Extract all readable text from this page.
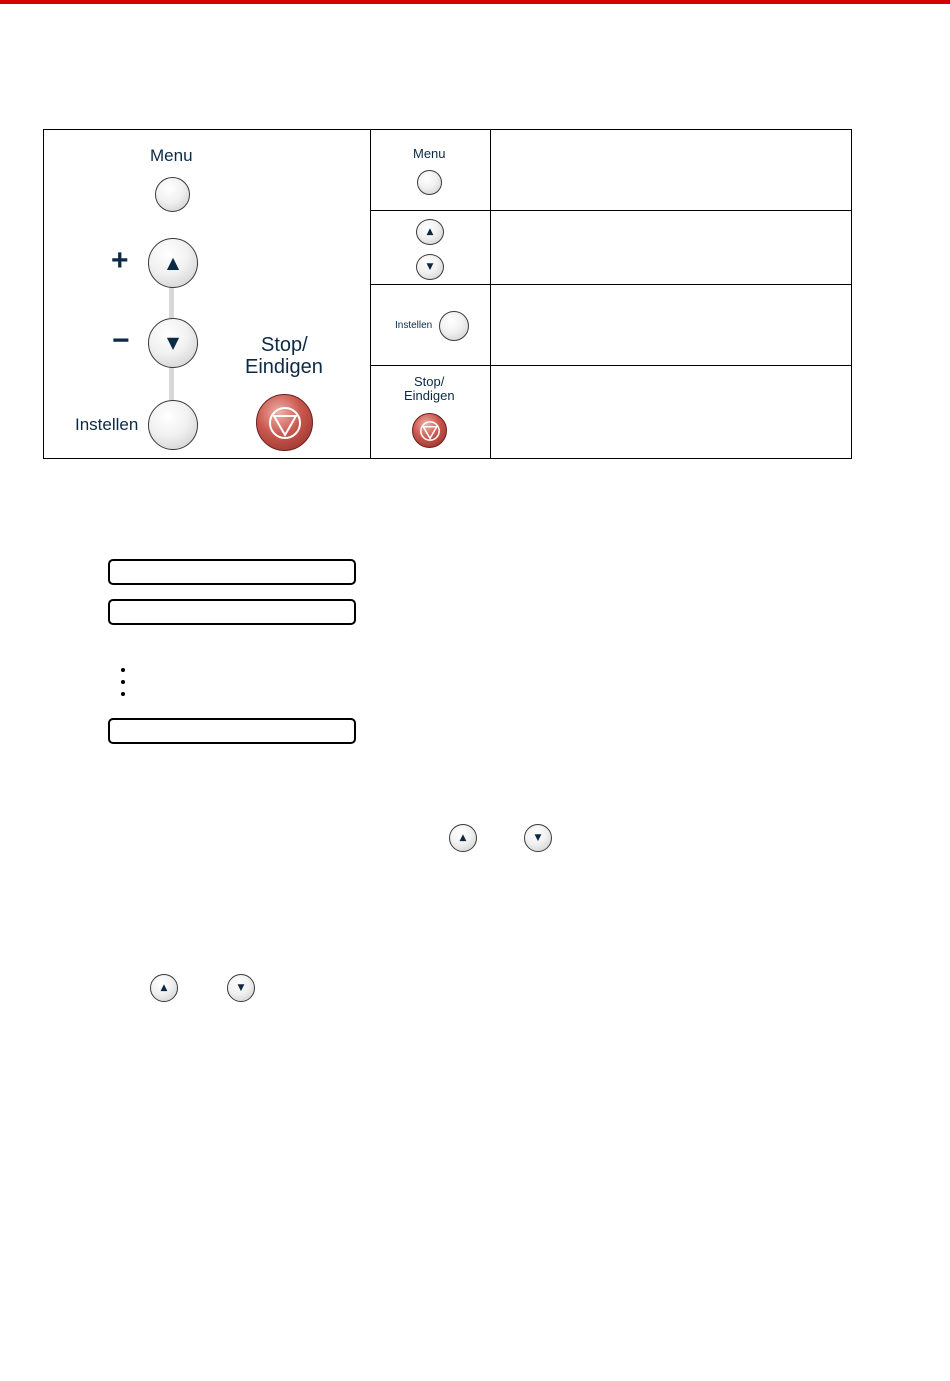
Menu
+ ▲
− ▼
Instellen
Stop/
Eindigen
Menu
▲
▼
Instellen
Stop/
Eindigen
▲	▼
▲	▼
